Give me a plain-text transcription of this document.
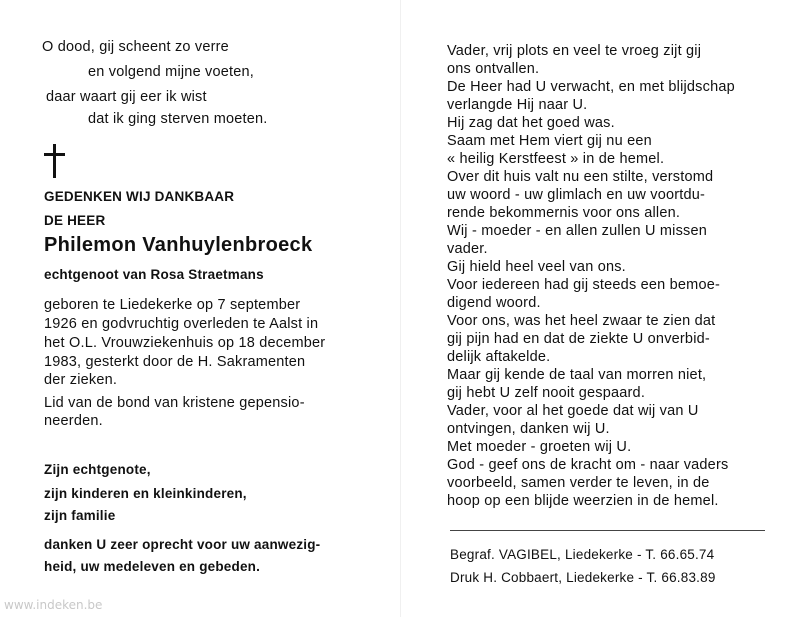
O dood, gij scheent zo verre
en volgend mijne voeten,
daar waart gij eer ik wist
dat ik ging sterven moeten.
GEDENKEN WIJ DANKBAAR
DE HEER
Philemon Vanhuylenbroeck
echtgenoot van Rosa Straetmans
geboren te Liedekerke op 7 september
1926 en godvruchtig overleden te Aalst in
het O.L. Vrouwziekenhuis op 18 december
1983, gesterkt door de H. Sakramenten
der zieken.
Lid van de bond van kristene gepensio-
neerden.
Zijn echtgenote,
zijn kinderen en kleinkinderen,
zijn familie
danken U zeer oprecht voor uw aanwezig-
heid, uw medeleven en gebeden.
Vader, vrij plots en veel te vroeg zijt gij
ons ontvallen.
De Heer had U verwacht, en met blijdschap
verlangde Hij naar U.
Hij zag dat het goed was.
Saam met Hem viert gij nu een
« heilig Kerstfeest » in de hemel.
Over dit huis valt nu een stilte, verstomd
uw woord - uw glimlach en uw voortdu-
rende bekommernis voor ons allen.
Wij - moeder - en allen zullen U missen
vader.
Gij hield heel veel van ons.
Voor iedereen had gij steeds een bemoe-
digend woord.
Voor ons, was het heel zwaar te zien dat
gij pijn had en dat de ziekte U onverbid-
delijk aftakelde.
Maar gij kende de taal van morren niet,
gij hebt U zelf nooit gespaard.
Vader, voor al het goede dat wij van U
ontvingen, danken wij U.
Met moeder - groeten wij U.
God - geef ons de kracht om - naar vaders
voorbeeld, samen verder te leven, in de
hoop op een blijde weerzien in de hemel.
Begraf. VAGIBEL, Liedekerke - T. 66.65.74
Druk H. Cobbaert, Liedekerke - T. 66.83.89
www.indeken.be
